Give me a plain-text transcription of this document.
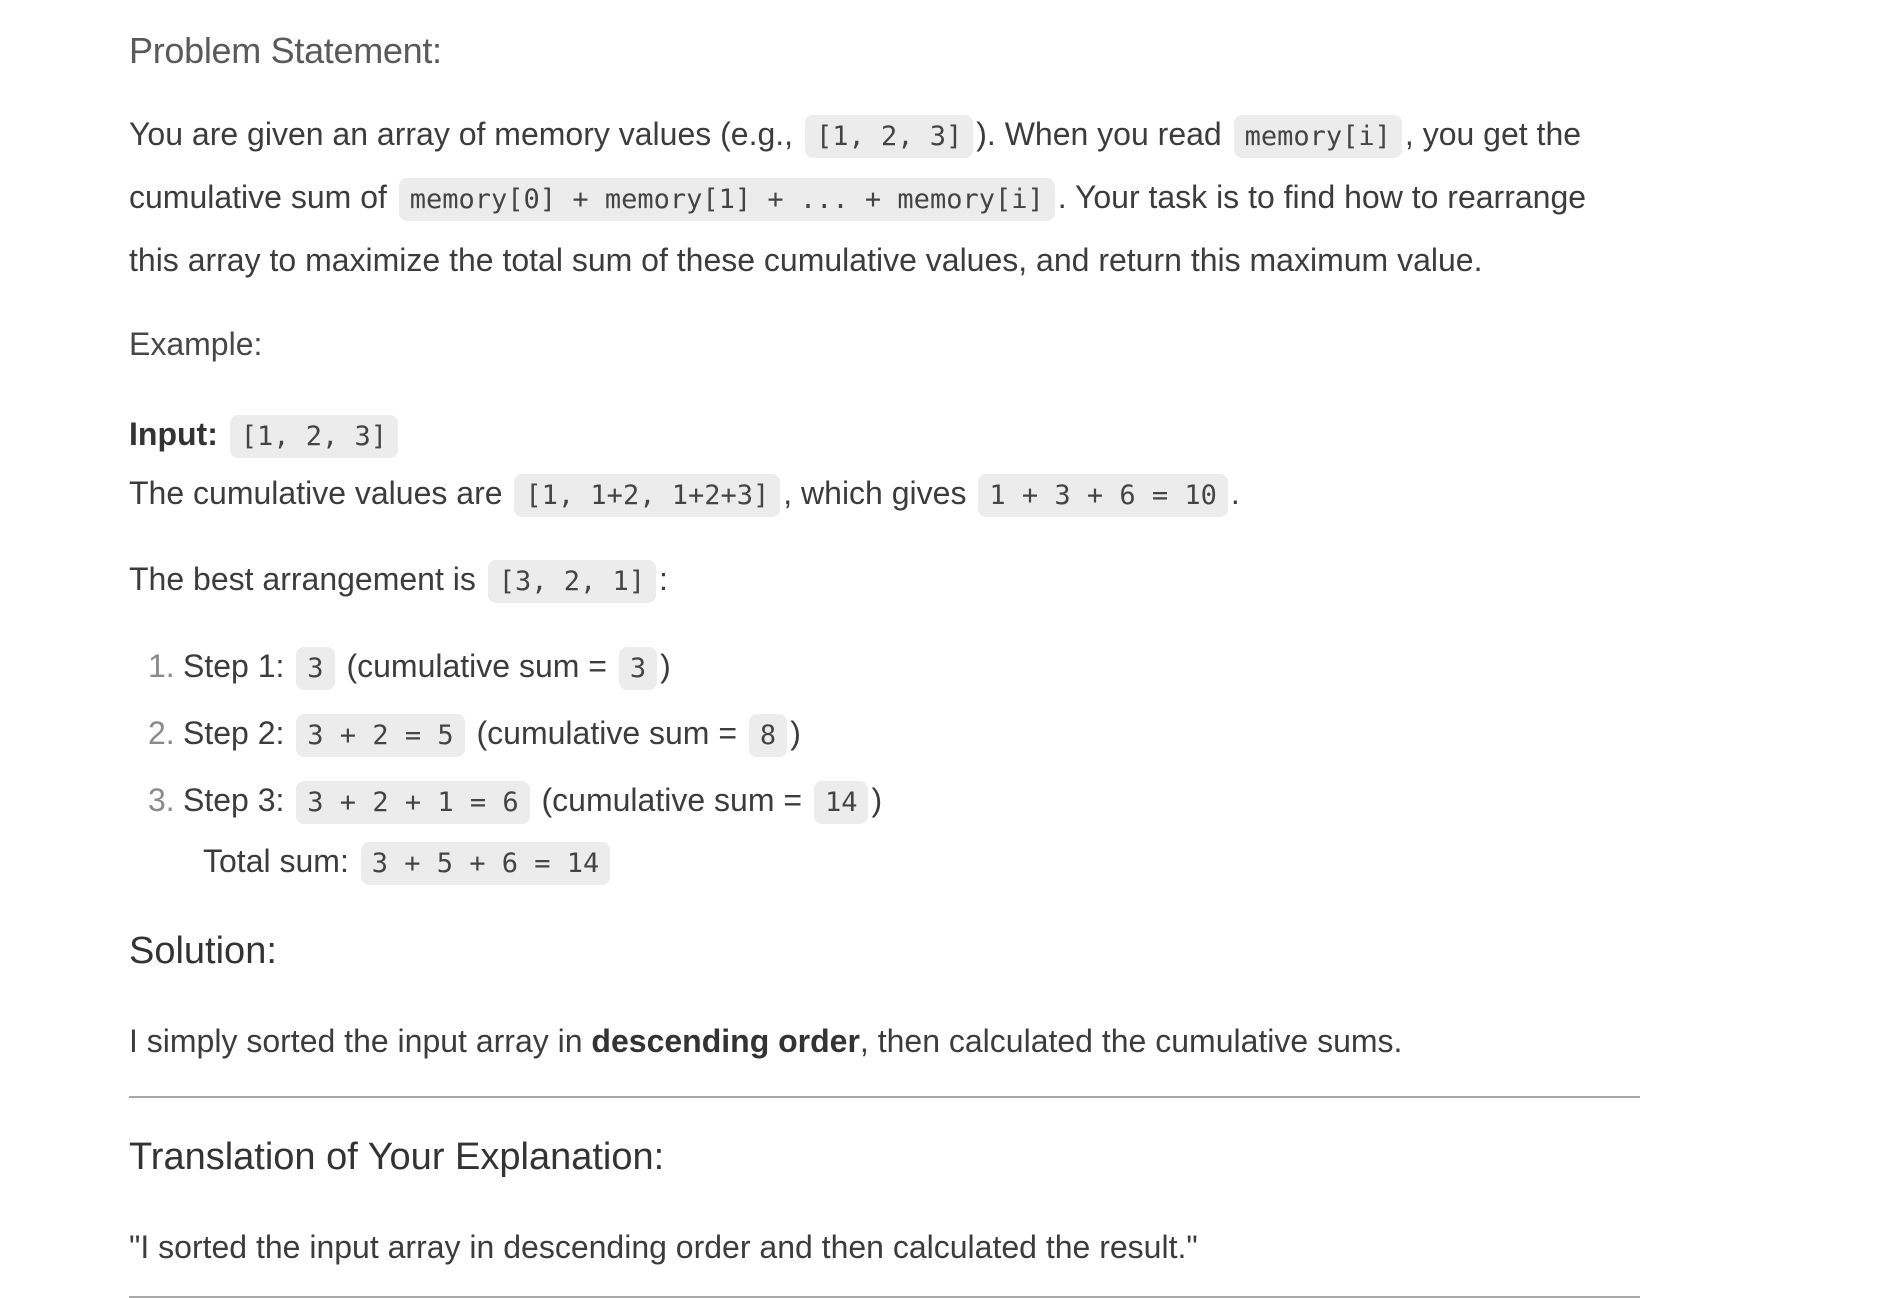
Problem Statement:
You are given an array of memory values (e.g., [1, 2, 3] ). When you read memory[i] , you get the cumulative sum of memory[0] + memory[1] + ... + memory[i] . Your task is to find how to rearrange this array to maximize the total sum of these cumulative values, and return this maximum value.
Example:
Input: [1, 2, 3]
The cumulative values are [1, 1+2, 1+2+3] , which gives 1 + 3 + 6 = 10 .
The best arrangement is [3, 2, 1] :
1. Step 1: 3 (cumulative sum = 3 )
2. Step 2: 3 + 2 = 5 (cumulative sum = 8 )
3. Step 3: 3 + 2 + 1 = 6 (cumulative sum = 14 )
Total sum: 3 + 5 + 6 = 14
Solution:
I simply sorted the input array in descending order, then calculated the cumulative sums.
Translation of Your Explanation:
"I sorted the input array in descending order and then calculated the result."
